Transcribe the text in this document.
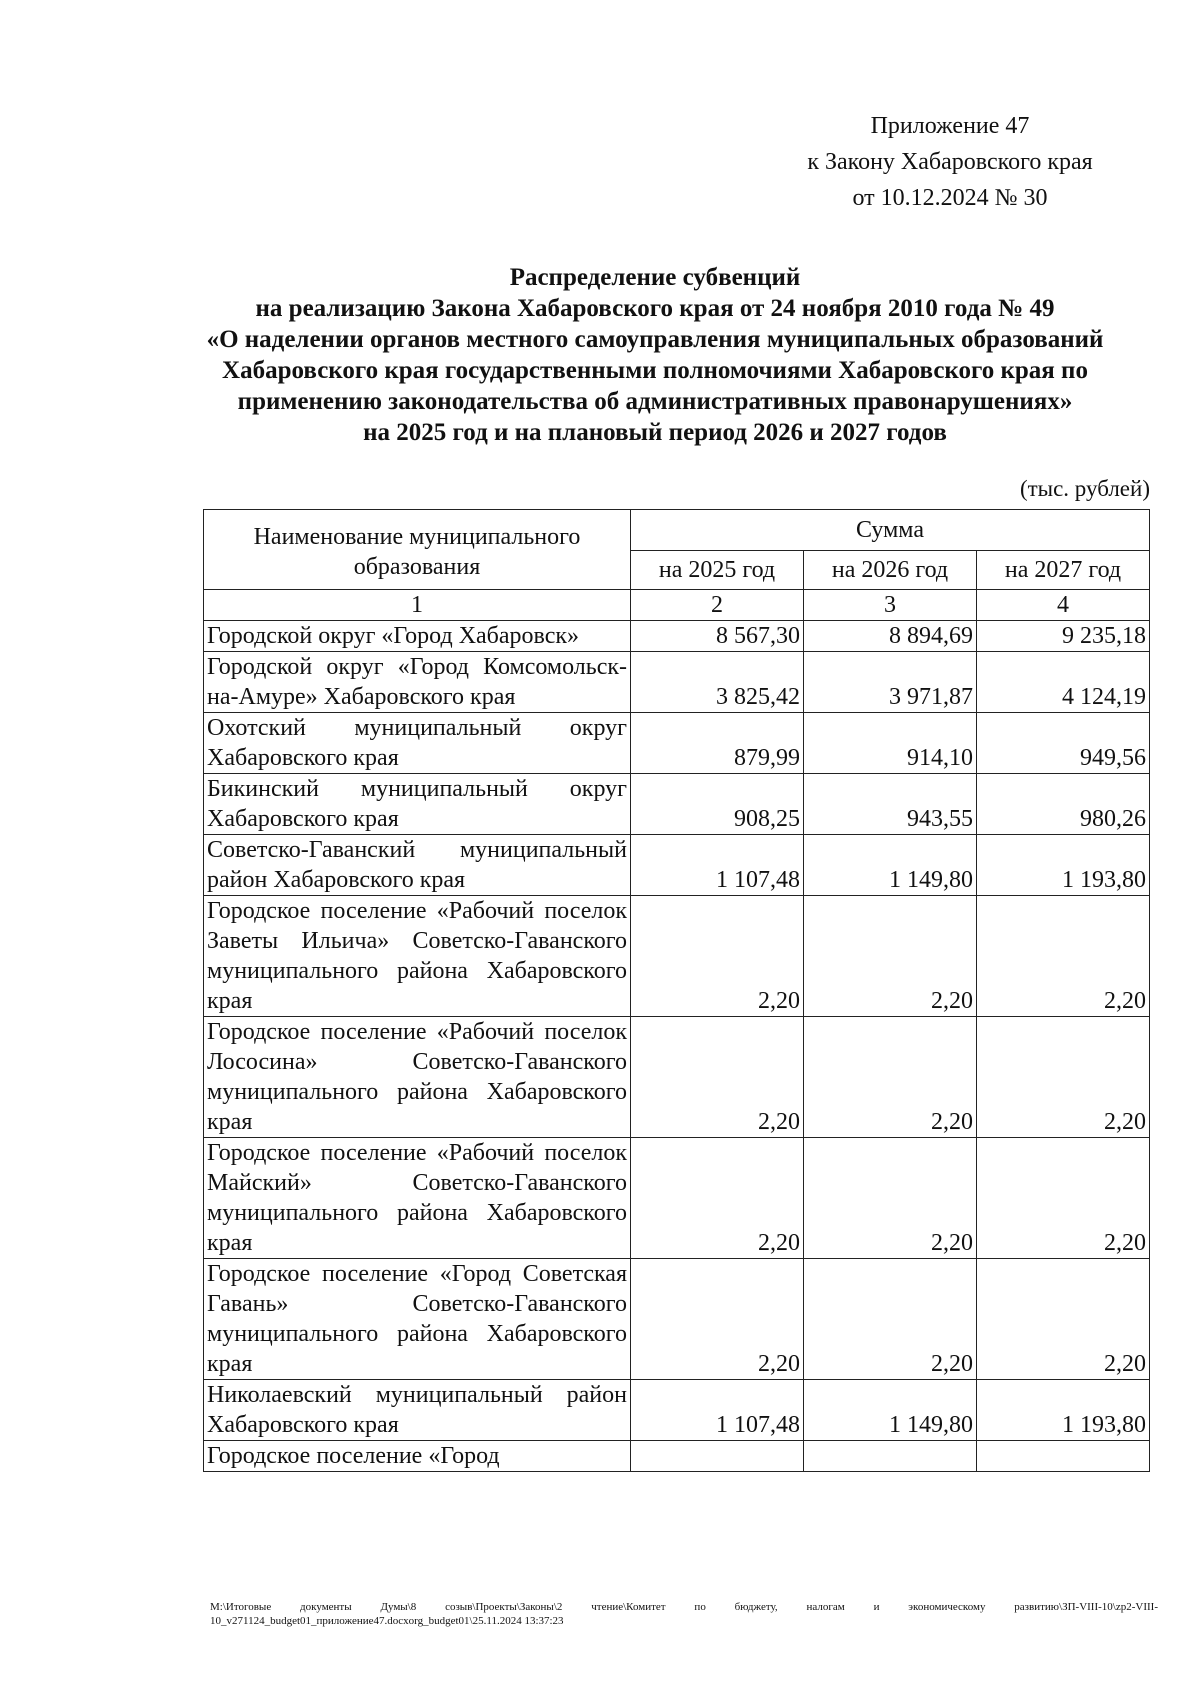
Приложение 47
к Закону Хабаровского края
от 10.12.2024 № 30
Распределение субвенций
на реализацию Закона Хабаровского края от 24 ноября 2010 года № 49
«О наделении органов местного самоуправления муниципальных образований
Хабаровского края государственными полномочиями Хабаровского края по
применению законодательства об административных правонарушениях»
на 2025 год и на плановый период 2026 и 2027 годов
(тыс. рублей)
Наименование муниципального образования	Сумма		
	на 2025 год	на 2026 год	на 2027 год
1	2	3	4
Городской округ «Город Хабаровск»	8 567,30	8 894,69	9 235,18
Городской округ «Город Комсомольск-на-Амуре» Хабаровского края	3 825,42	3 971,87	4 124,19
Охотский муниципальный округ Хабаровского края	879,99	914,10	949,56
Бикинский муниципальный округ Хабаровского края	908,25	943,55	980,26
Советско-Гаванский муниципальный район Хабаровского края	1 107,48	1 149,80	1 193,80
Городское поселение «Рабочий поселок Заветы Ильича» Советско-Гаванского муниципального района Хабаровского края	2,20	2,20	2,20
Городское поселение «Рабочий поселок Лососина» Советско-Гаванского муниципального района Хабаровского края	2,20	2,20	2,20
Городское поселение «Рабочий поселок Майский» Советско-Гаванского муниципального района Хабаровского края	2,20	2,20	2,20
Городское поселение «Город Советская Гавань» Советско-Гаванского муниципального района Хабаровского края	2,20	2,20	2,20
Николаевский муниципальный район Хабаровского края	1 107,48	1 149,80	1 193,80
Городское поселение «Город			
М:\Итоговые документы Думы\8 созыв\Проекты\Законы\2 чтение\Комитет по бюджету, налогам и экономическому развитию\ЗП-VIII-10\zp2-VIII-10_v271124_budget01_приложение47.docxorg_budget01\25.11.2024 13:37:23
